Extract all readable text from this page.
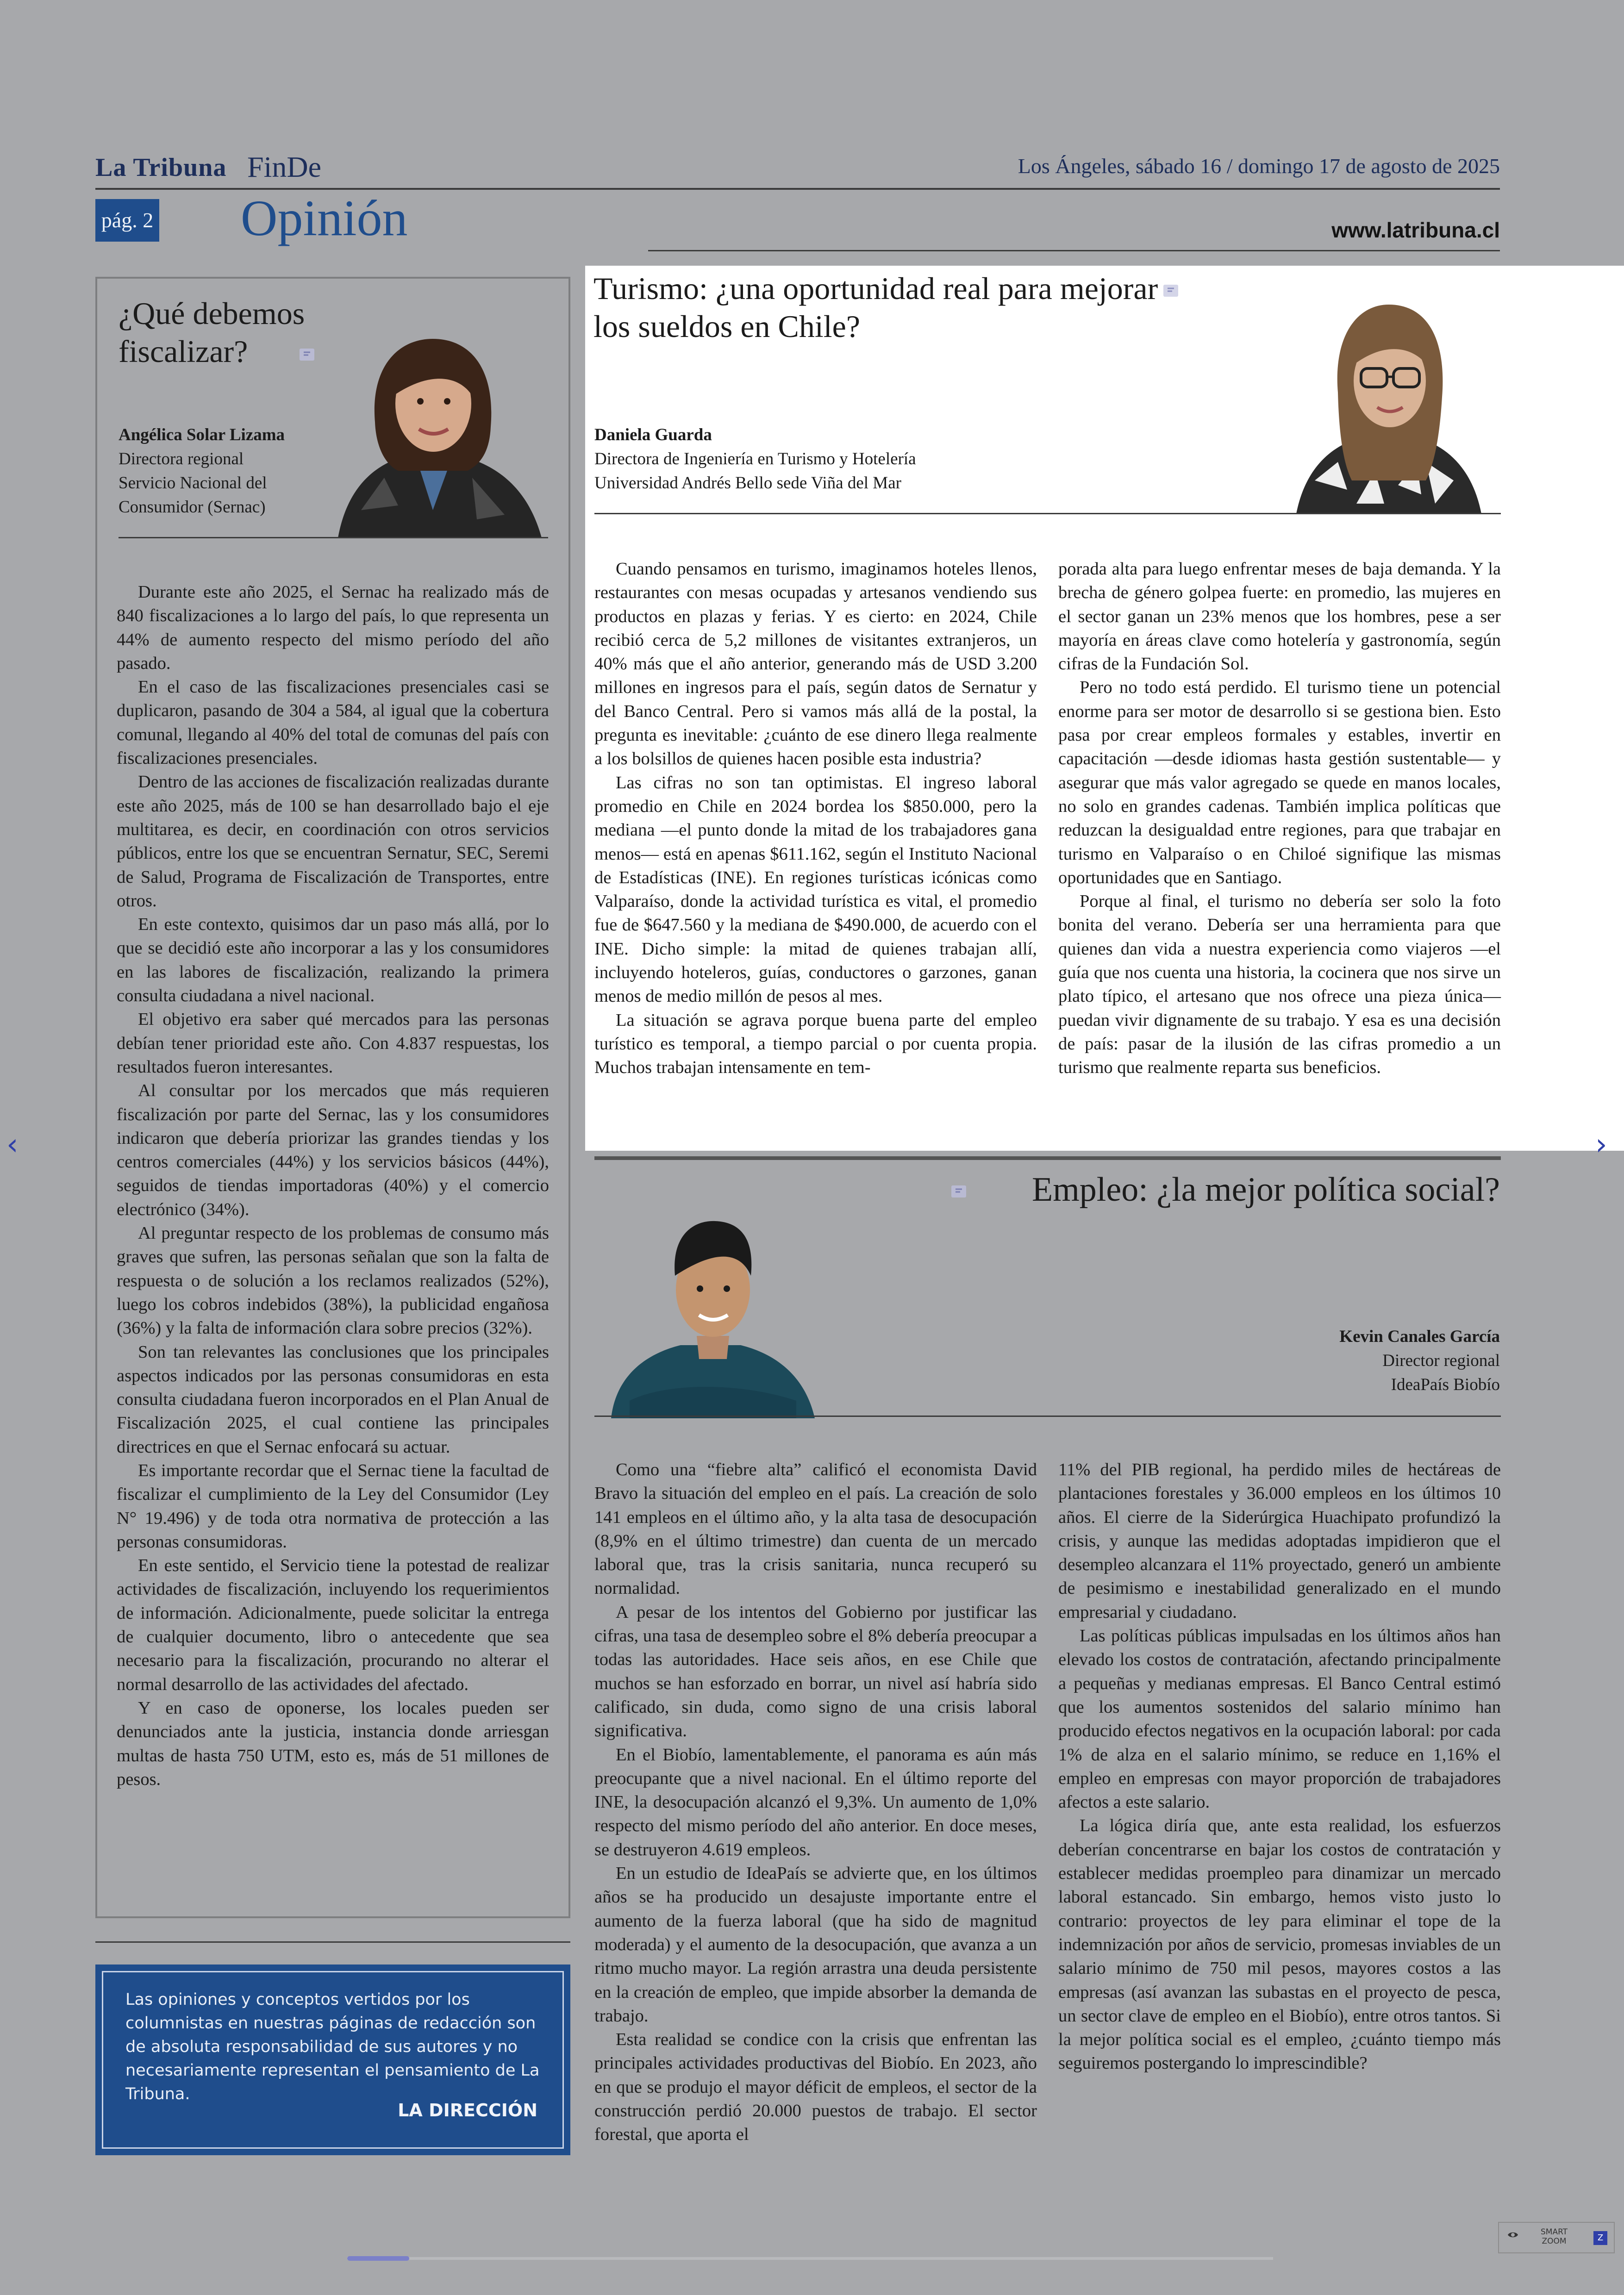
La Tribuna FinDe	Los Ángeles, sábado 16 / domingo 17 de agosto de 2025
pág. 2 Opinión	www.latribuna.cl
¿Qué debemos fiscalizar?
Angélica Solar Lizama
Directora regional
Servicio Nacional del
Consumidor (Sernac)

Durante este año 2025, el Sernac ha realizado más de 840 fiscalizaciones a lo largo del país, lo que representa un 44% de aumento respecto del mismo período del año pasado.

En el caso de las fiscalizaciones presenciales casi se duplicaron, pasando de 304 a 584, al igual que la cobertura comunal, llegando al 40% del total de comunas del país con fiscalizaciones presenciales.

Dentro de las acciones de fiscalización realizadas durante este año 2025, más de 100 se han desarrollado bajo el eje multitarea, es decir, en coordinación con otros servicios públicos, entre los que se encuentran Sernatur, SEC, Seremi de Salud, Programa de Fiscalización de Transportes, entre otros.

En este contexto, quisimos dar un paso más allá, por lo que se decidió este año incorporar a las y los consumidores en las labores de fiscalización, realizando la primera consulta ciudadana a nivel nacional.

El objetivo era saber qué mercados para las personas debían tener prioridad este año. Con 4.837 respuestas, los resultados fueron interesantes.

Al consultar por los mercados que más requieren fiscalización por parte del Sernac, las y los consumidores indicaron que debería priorizar las grandes tiendas y los centros comerciales (44%) y los servicios básicos (44%), seguidos de tiendas importadoras (40%) y el comercio electrónico (34%).

Al preguntar respecto de los problemas de consumo más graves que sufren, las personas señalan que son la falta de respuesta o de solución a los reclamos realizados (52%), luego los cobros indebidos (38%), la publicidad engañosa (36%) y la falta de información clara sobre precios (32%).

Son tan relevantes las conclusiones que los principales aspectos indicados por las personas consumidoras en esta consulta ciudadana fueron incorporados en el Plan Anual de Fiscalización 2025, el cual contiene las principales directrices en que el Sernac enfocará su actuar.

Es importante recordar que el Sernac tiene la facultad de fiscalizar el cumplimiento de la Ley del Consumidor (Ley N° 19.496) y de toda otra normativa de protección a las personas consumidoras.

En este sentido, el Servicio tiene la potestad de realizar actividades de fiscalización, incluyendo los requerimientos de información. Adicionalmente, puede solicitar la entrega de cualquier documento, libro o antecedente que sea necesario para la fiscalización, procurando no alterar el normal desarrollo de las actividades del afectado.

Y en caso de oponerse, los locales pueden ser denunciados ante la justicia, instancia donde arriesgan multas de hasta 750 UTM, esto es, más de 51 millones de pesos.

Turismo: ¿una oportunidad real para mejorar los sueldos en Chile?
Daniela Guarda
Directora de Ingeniería en Turismo y Hotelería
Universidad Andrés Bello sede Viña del Mar

Cuando pensamos en turismo, imaginamos hoteles llenos, restaurantes con mesas ocupadas y artesanos vendiendo sus productos en plazas y ferias. Y es cierto: en 2024, Chile recibió cerca de 5,2 millones de visitantes extranjeros, un 40% más que el año anterior, generando más de USD 3.200 millones en ingresos para el país, según datos de Sernatur y del Banco Central. Pero si vamos más allá de la postal, la pregunta es inevitable: ¿cuánto de ese dinero llega realmente a los bolsillos de quienes hacen posible esta industria?

Las cifras no son tan optimistas. El ingreso laboral promedio en Chile en 2024 bordea los $850.000, pero la mediana —el punto donde la mitad de los trabajadores gana menos— está en apenas $611.162, según el Instituto Nacional de Estadísticas (INE). En regiones turísticas icónicas como Valparaíso, donde la actividad turística es vital, el promedio fue de $647.560 y la mediana de $490.000, de acuerdo con el INE. Dicho simple: la mitad de quienes trabajan allí, incluyendo hoteleros, guías, conductores o garzones, ganan menos de medio millón de pesos al mes.

La situación se agrava porque buena parte del empleo turístico es temporal, a tiempo parcial o por cuenta propia. Muchos trabajan intensamente en tem-

porada alta para luego enfrentar meses de baja demanda. Y la brecha de género golpea fuerte: en promedio, las mujeres en el sector ganan un 23% menos que los hombres, pese a ser mayoría en áreas clave como hotelería y gastronomía, según cifras de la Fundación Sol.

Pero no todo está perdido. El turismo tiene un potencial enorme para ser motor de desarrollo si se gestiona bien. Esto pasa por crear empleos formales y estables, invertir en capacitación —desde idiomas hasta gestión sustentable— y asegurar que más valor agregado se quede en manos locales, no solo en grandes cadenas. También implica políticas que reduzcan la desigualdad entre regiones, para que trabajar en turismo en Valparaíso o en Chiloé signifique las mismas oportunidades que en Santiago.

Porque al final, el turismo no debería ser solo la foto bonita del verano. Debería ser una herramienta para que quienes dan vida a nuestra experiencia como viajeros —el guía que nos cuenta una historia, la cocinera que nos sirve un plato típico, el artesano que nos ofrece una pieza única— puedan vivir dignamente de su trabajo. Y esa es una decisión de país: pasar de la ilusión de las cifras promedio a un turismo que realmente reparta sus beneficios.

Empleo: ¿la mejor política social?
Kevin Canales García
Director regional
IdeaPaís Biobío

Como una “fiebre alta” calificó el economista David Bravo la situación del empleo en el país. La creación de solo 141 empleos en el último año, y la alta tasa de desocupación (8,9% en el último trimestre) dan cuenta de un mercado laboral que, tras la crisis sanitaria, nunca recuperó su normalidad.

A pesar de los intentos del Gobierno por justificar las cifras, una tasa de desempleo sobre el 8% debería preocupar a todas las autoridades. Hace seis años, en ese Chile que muchos se han esforzado en borrar, un nivel así habría sido calificado, sin duda, como signo de una crisis laboral significativa.

En el Biobío, lamentablemente, el panorama es aún más preocupante que a nivel nacional. En el último reporte del INE, la desocupación alcanzó el 9,3%. Un aumento de 1,0% respecto del mismo período del año anterior. En doce meses, se destruyeron 4.619 empleos.

En un estudio de IdeaPaís se advierte que, en los últimos años se ha producido un desajuste importante entre el aumento de la fuerza laboral (que ha sido de magnitud moderada) y el aumento de la desocupación, que avanza a un ritmo mucho mayor. La región arrastra una deuda persistente en la creación de empleo, que impide absorber la demanda de trabajo.

Esta realidad se condice con la crisis que enfrentan las principales actividades productivas del Biobío. En 2023, año en que se produjo el mayor déficit de empleos, el sector de la construcción perdió 20.000 puestos de trabajo. El sector forestal, que aporta el

11% del PIB regional, ha perdido miles de hectáreas de plantaciones forestales y 36.000 empleos en los últimos 10 años. El cierre de la Siderúrgica Huachipato profundizó la crisis, y aunque las medidas adoptadas impidieron que el desempleo alcanzara el 11% proyectado, generó un ambiente de pesimismo e inestabilidad generalizado en el mundo empresarial y ciudadano.

Las políticas públicas impulsadas en los últimos años han elevado los costos de contratación, afectando principalmente a pequeñas y medianas empresas. El Banco Central estimó que los aumentos sostenidos del salario mínimo han producido efectos negativos en la ocupación laboral: por cada 1% de alza en el salario mínimo, se reduce en 1,16% el empleo en empresas con mayor proporción de trabajadores afectos a este salario.

La lógica diría que, ante esta realidad, los esfuerzos deberían concentrarse en bajar los costos de contratación y establecer medidas proempleo para dinamizar un mercado laboral estancado. Sin embargo, hemos visto justo lo contrario: proyectos de ley para eliminar el tope de la indemnización por años de servicio, promesas inviables de un salario mínimo de 750 mil pesos, mayores costos a las empresas (así avanzan las subastas en el proyecto de pesca, un sector clave de empleo en el Biobío), entre otros tantos. Si la mejor política social es el empleo, ¿cuánto tiempo más seguiremos postergando lo imprescindible?

Las opiniones y conceptos vertidos por los columnistas en nuestras páginas de redacción son de absoluta responsabilidad de sus autores y no necesariamente representan el pensamiento de La Tribuna.
LA DIRECCIÓN
‹	›
SMART
ZOOM	Z
